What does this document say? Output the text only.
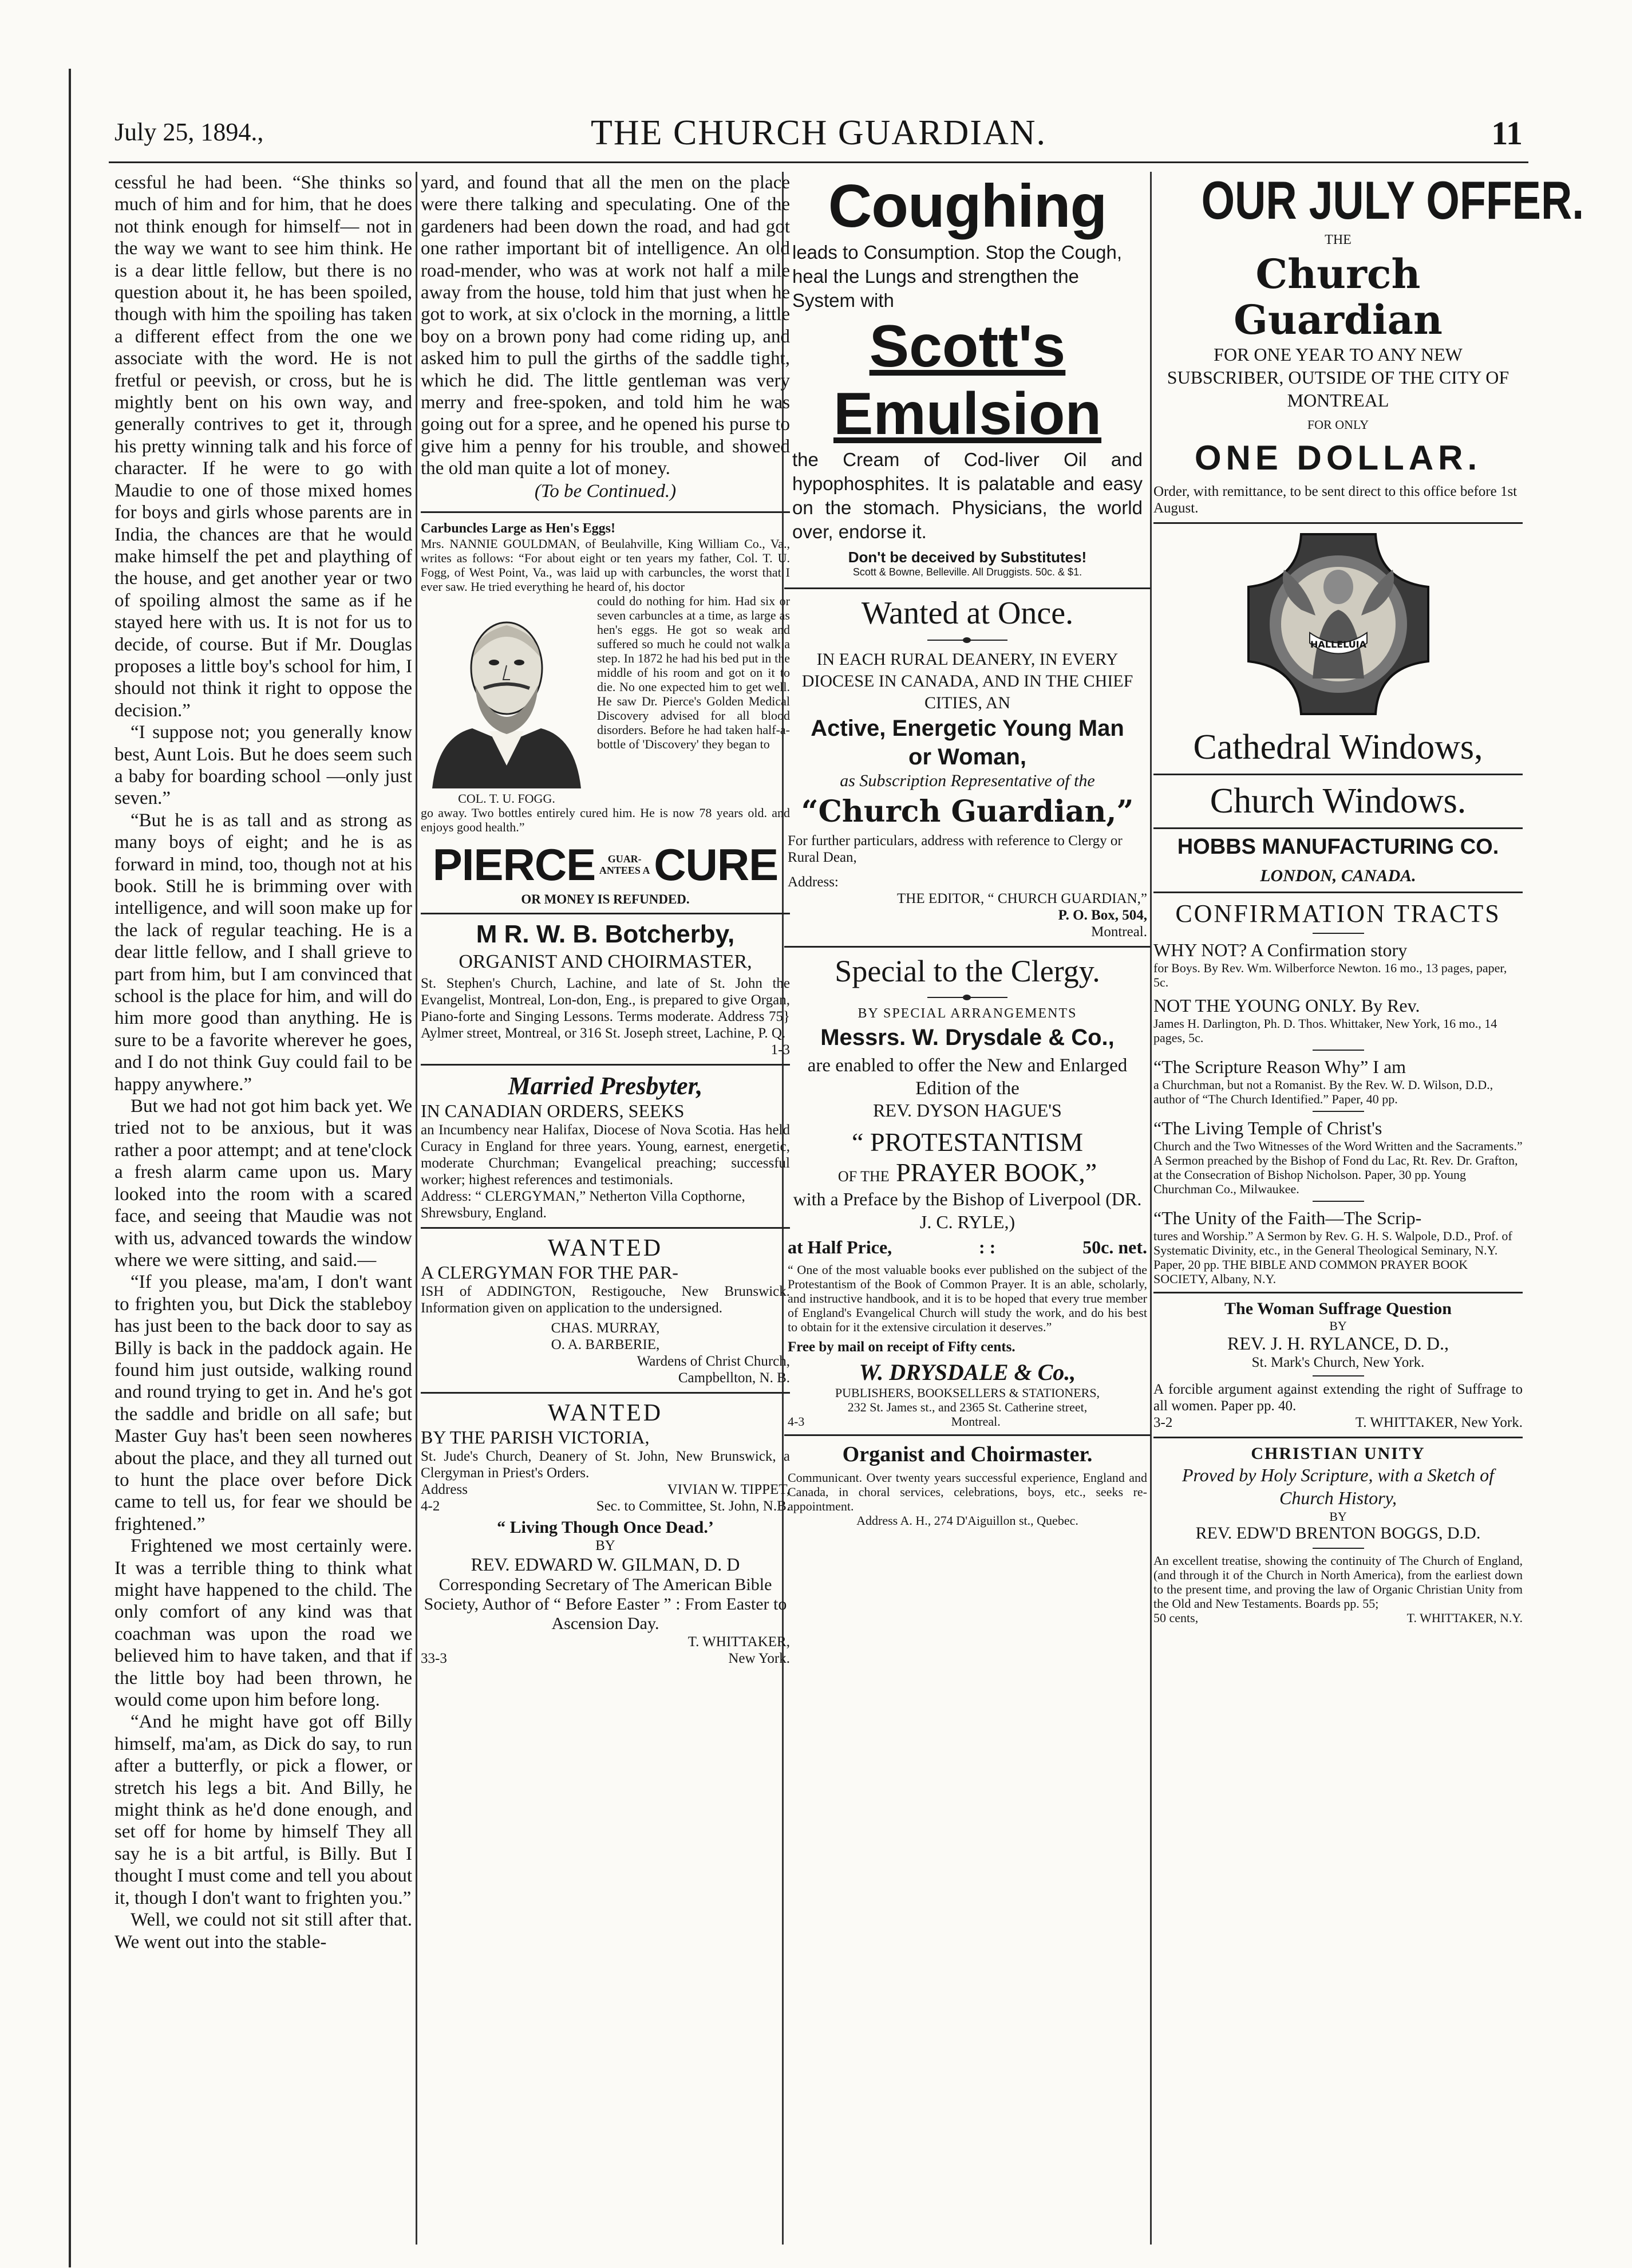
July 25, 1894.,	THE CHURCH GUARDIAN.	11

cessful he had been. “She thinks so much of him and for him, that he does not think enough for himself— not in the way we want to see him think. He is a dear little fellow, but there is no question about it, he has been spoiled, though with him the spoiling has taken a different effect from the one we associate with the word. He is not fretful or peevish, or cross, but he is mightly bent on his own way, and generally contrives to get it, through his pretty winning talk and his force of character. If he were to go with Maudie to one of those mixed homes for boys and girls whose parents are in India, the chances are that he would make himself the pet and plaything of the house, and get another year or two of spoiling almost the same as if he stayed here with us. It is not for us to decide, of course. But if Mr. Douglas proposes a little boy's school for him, I should not think it right to oppose the decision.”

“I suppose not; you generally know best, Aunt Lois. But he does seem such a baby for boarding school —only just seven.”

“But he is as tall and as strong as many boys of eight; and he is as forward in mind, too, though not at his book. Still he is brimming over with intelligence, and will soon make up for the lack of regular teaching. He is a dear little fellow, and I shall grieve to part from him, but I am convinced that school is the place for him, and will do him more good than anything. He is sure to be a favorite wherever he goes, and I do not think Guy could fail to be happy anywhere.”

But we had not got him back yet. We tried not to be anxious, but it was rather a poor attempt; and at tene'clock a fresh alarm came upon us. Mary looked into the room with a scared face, and seeing that Maudie was not with us, advanced towards the window where we were sitting, and said.—

“If you please, ma'am, I don't want to frighten you, but Dick the stableboy has just been to the back door to say as Billy is back in the paddock again. He found him just outside, walking round and round trying to get in. And he's got the saddle and bridle on all safe; but Master Guy has't been seen nowheres about the place, and they all turned out to hunt the place over before Dick came to tell us, for fear we should be frightened.”

Frightened we most certainly were. It was a terrible thing to think what might have happened to the child. The only comfort of any kind was that coachman was upon the road we believed him to have taken, and that if the little boy had been thrown, he would come upon him before long.

“And he might have got off Billy himself, ma'am, as Dick do say, to run after a butterfly, or pick a flower, or stretch his legs a bit. And Billy, he might think as he'd done enough, and set off for home by himself They all say he is a bit artful, is Billy. But I thought I must come and tell you about it, though I don't want to frighten you.”

Well, we could not sit still after that. We went out into the stable-

yard, and found that all the men on the place were there talking and speculating. One of the gardeners had been down the road, and had got one rather important bit of intelligence. An old road-mender, who was at work not half a mile away from the house, told him that just when he got to work, at six o'clock in the morning, a little boy on a brown pony had come riding up, and asked him to pull the girths of the saddle tight, which he did. The little gentleman was very merry and free-spoken, and told him he was going out for a spree, and he opened his purse to give him a penny for his trouble, and showed the old man quite a lot of money.

(To be Continued.)
Carbuncles Large as Hen's Eggs!
Mrs. NANNIE GOULDMAN, of Beulahville, King William Co., Va., writes as follows: “For about eight or ten years my father, Col. T. U. Fogg, of West Point, Va., was laid up with carbuncles, the worst that I ever saw. He tried everything he heard of, his doctor
COL. T. U. FOGG.
could do nothing for him. Had six or seven carbuncles at a time, as large as hen's eggs. He got so weak and suffered so much he could not walk a step. In 1872 he had his bed put in the middle of his room and got on it to die. No one expected him to get well. He saw Dr. Pierce's Golden Medical Discovery advised for all blood disorders. Before he had taken half-a-bottle of 'Discovery' they began to
go away. Two bottles entirely cured him. He is now 78 years old. and enjoys good health.”
PIERCE	GUAR-ANTEES A CURE
OR MONEY IS REFUNDED.
M R. W. B. Botcherby,
ORGANIST AND CHOIRMASTER,
St. Stephen's Church, Lachine, and late of St. John the Evangelist, Montreal, Lon-don, Eng., is prepared to give Organ, Piano-forte and Singing Lessons. Terms moderate. Address 75} Aylmer street, Montreal, or 316 St. Joseph street, Lachine, P. Q.
1-3
Married Presbyter,
IN CANADIAN ORDERS, SEEKS
an Incumbency near Halifax, Diocese of Nova Scotia. Has held Curacy in England for three years. Young, earnest, energetic, moderate Churchman; Evangelical preaching; successful worker; highest references and testimonials.
Address: “ CLERGYMAN,” Netherton Villa Copthorne, Shrewsbury, England.
WANTED
A CLERGYMAN FOR THE PAR-
ISH of ADDINGTON, Restigouche, New Brunswick. Information given on application to the undersigned.
CHAS. MURRAY,
O. A. BARBERIE,
Wardens of Christ Church,
Campbellton, N. B.
WANTED
BY THE PARISH VICTORIA,
St. Jude's Church, Deanery of St. John, New Brunswick, a Clergyman in Priest's Orders.
Address	VIVIAN W. TIPPET,
4-2	Sec. to Committee, St. John, N.B.
“ Living Though Once Dead.’
BY
REV. EDWARD W. GILMAN, D. D
Corresponding Secretary of The American Bible Society, Author of “ Before Easter ” : From Easter to Ascension Day.
T. WHITTAKER,
33-3	New York.
Coughing
leads to Consumption. Stop the Cough, heal the Lungs and strengthen the System with
Scott's
Emulsion
the Cream of Cod-liver Oil and hypophosphites. It is palatable and easy on the stomach. Physicians, the world over, endorse it.
Don't be deceived by Substitutes!
Scott & Bowne, Belleville. All Druggists. 50c. & $1.
Wanted at Once.
IN EACH RURAL DEANERY, IN EVERY DIOCESE IN CANADA, AND IN THE CHIEF CITIES, AN
Active, Energetic Young Man
or Woman,
as Subscription Representative of the
“Church Guardian,”
For further particulars, address with reference to Clergy or Rural Dean,
Address:
THE EDITOR, “ CHURCH GUARDIAN,”
P. O. Box, 504,
Montreal.
Special to the Clergy.
BY SPECIAL ARRANGEMENTS
Messrs. W. Drysdale & Co.,
are enabled to offer the New and Enlarged Edition of the
REV. DYSON HAGUE'S
“ PROTESTANTISM
OF THE PRAYER BOOK,”
with a Preface by the Bishop of Liverpool (DR. J. C. RYLE,)
at Half Price,	: :	50c. net.
“ One of the most valuable books ever published on the subject of the Protestantism of the Book of Common Prayer. It is an able, scholarly, and instructive handbook, and it is to be hoped that every true member of England's Evangelical Church will study the work, and do his best to obtain for it the extensive circulation it deserves.”
Free by mail on receipt of Fifty cents.
W. DRYSDALE & Co.,
PUBLISHERS, BOOKSELLERS & STATIONERS,
232 St. James st., and 2365 St. Catherine street,
4-3	Montreal.
Organist and Choirmaster.
Communicant. Over twenty years successful experience, England and Canada, in choral services, celebrations, boys, etc., seeks re-appointment.
Address A. H., 274 D'Aiguillon st., Quebec.
OUR JULY OFFER.
THE
Church Guardian
FOR ONE YEAR TO ANY NEW SUBSCRIBER, OUTSIDE OF THE CITY OF MONTREAL
FOR ONLY
ONE DOLLAR.
Order, with remittance, to be sent direct to this office before 1st August.
HALLELUIA
Cathedral Windows,
Church Windows.
HOBBS MANUFACTURING CO.
LONDON, CANADA.
CONFIRMATION TRACTS
WHY NOT? A Confirmation story
for Boys. By Rev. Wm. Wilberforce Newton. 16 mo., 13 pages, paper, 5c.
NOT THE YOUNG ONLY. By Rev.
James H. Darlington, Ph. D. Thos. Whittaker, New York, 16 mo., 14 pages, 5c.
“The Scripture Reason Why” I am
a Churchman, but not a Romanist. By the Rev. W. D. Wilson, D.D., author of “The Church Identified.” Paper, 40 pp.
“The Living Temple of Christ's
Church and the Two Witnesses of the Word Written and the Sacraments.” A Sermon preached by the Bishop of Fond du Lac, Rt. Rev. Dr. Grafton, at the Consecration of Bishop Nicholson. Paper, 30 pp. Young Churchman Co., Milwaukee.
“The Unity of the Faith—The Scrip-
tures and Worship.” A Sermon by Rev. G. H. S. Walpole, D.D., Prof. of Systematic Divinity, etc., in the General Theological Seminary, N.Y. Paper, 20 pp. THE BIBLE AND COMMON PRAYER BOOK SOCIETY, Albany, N.Y.
The Woman Suffrage Question
BY
REV. J. H. RYLANCE, D. D.,
St. Mark's Church, New York.
A forcible argument against extending the right of Suffrage to all women. Paper pp. 40.
3-2	T. WHITTAKER, New York.
CHRISTIAN UNITY
Proved by Holy Scripture, with a Sketch of Church History,
BY
REV. EDW'D BRENTON BOGGS, D.D.
An excellent treatise, showing the continuity of The Church of England, (and through it of the Church in North America), from the earliest down to the present time, and proving the law of Organic Christian Unity from the Old and New Testaments. Boards pp. 55;
50 cents,	T. WHITTAKER, N.Y.
